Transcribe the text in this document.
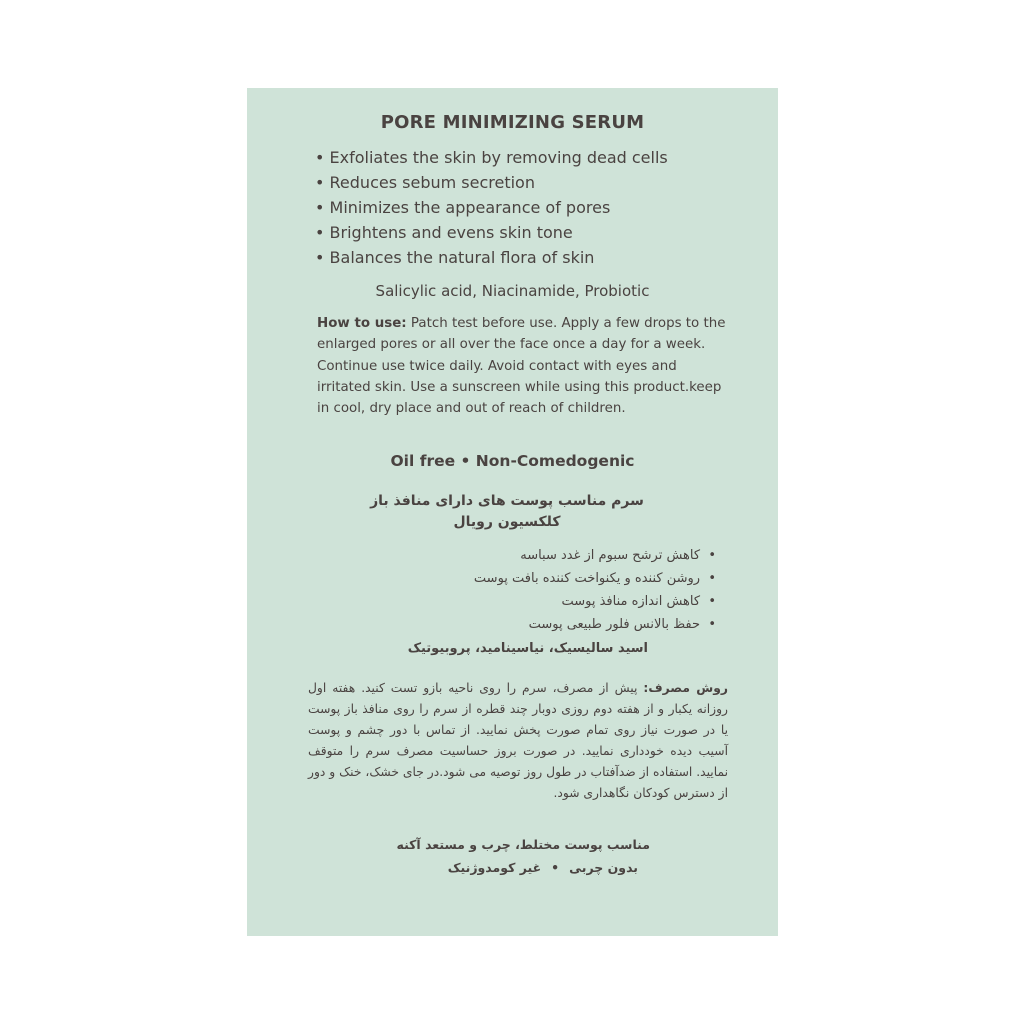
PORE MINIMIZING SERUM
• Exfoliates the skin by removing dead cells
• Reduces sebum secretion
• Minimizes the appearance of pores
• Brightens and evens skin tone
• Balances the natural flora of skin
Salicylic acid, Niacinamide, Probiotic

How to use: Patch test before use. Apply a few drops to the enlarged pores or all over the face once a day for a week. Continue use twice daily. Avoid contact with eyes and irritated skin. Use a sunscreen while using this product.keep in cool, dry place and out of reach of children.

Oil free • Non-Comedogenic
سرم مناسب پوست های دارای منافذ باز
کلکسیون رویال
•  کاهش ترشح سبوم از غدد سباسه
•  روشن کننده و یکنواخت کننده بافت پوست
•  کاهش اندازه منافذ پوست
•  حفظ بالانس فلور طبیعی پوست
اسید سالیسیک، نیاسینامید، پروبیوتیک

روش مصرف: پیش از مصرف، سرم را روی ناحیه بازو تست کنید. هفته اول روزانه یکبار و از هفته دوم روزی دوبار چند قطره از سرم را روی منافذ باز پوست یا در صورت نیاز روی تمام صورت پخش نمایید. از تماس با دور چشم و پوست آسیب دیده خودداری نمایید. در صورت بروز حساسیت مصرف سرم را متوقف نمایید. استفاده از ضدآفتاب در طول روز توصیه می شود.در جای خشک، خنک و دور از دسترس کودکان نگاهداری شود.

مناسب پوست مختلط، چرب و مستعد آکنه
بدون چربی•غیر کومدوژنیک
